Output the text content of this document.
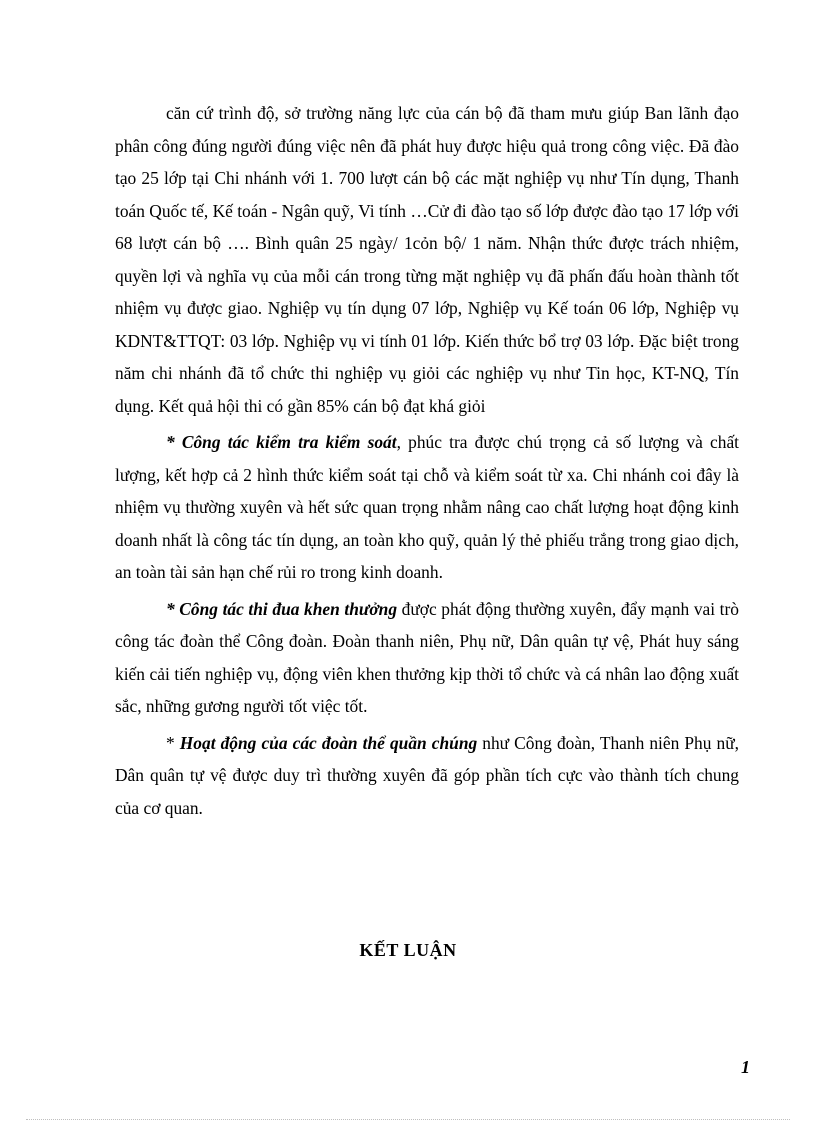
căn cứ trình độ, sở trường năng lực của cán bộ đã tham mưu giúp Ban lãnh đạo phân công đúng người đúng việc nên đã phát huy được hiệu quả trong công việc. Đã đào tạo 25 lớp tại Chi nhánh với 1. 700 lượt cán bộ các mặt nghiệp vụ như Tín dụng, Thanh toán Quốc tế, Kế toán - Ngân quỹ, Vi tính …Cử đi đào tạo số lớp được đào tạo 17 lớp với 68 lượt cán bộ …. Bình quân 25 ngày/ 1cỏn bộ/ 1 năm. Nhận thức được trách nhiệm, quyền lợi và nghĩa vụ của mỗi cán trong từng mặt nghiệp vụ đã phấn đấu hoàn thành tốt nhiệm vụ được giao. Nghiệp vụ tín dụng 07 lớp, Nghiệp vụ Kế toán 06 lớp, Nghiệp vụ KDNT&TTQT: 03 lớp. Nghiệp vụ vi tính 01 lớp. Kiến thức bổ trợ 03 lớp. Đặc biệt trong năm chi nhánh đã tổ chức thi nghiệp vụ giỏi các nghiệp vụ như Tin học, KT-NQ, Tín dụng. Kết quả hội thi có gần 85% cán bộ đạt khá giỏi

* Công tác kiểm tra kiểm soát, phúc tra được chú trọng cả số lượng và chất lượng, kết hợp cả 2 hình thức kiểm soát tại chỗ và kiểm soát từ xa. Chi nhánh coi đây là nhiệm vụ thường xuyên và hết sức quan trọng nhằm nâng cao chất lượng hoạt động kinh doanh nhất là công tác tín dụng, an toàn kho quỹ, quản lý thẻ phiếu trắng trong giao dịch, an toàn tài sản hạn chế rủi ro trong kinh doanh.

* Công tác thi đua khen thưởng được phát động thường xuyên, đẩy mạnh vai trò công tác đoàn thể Công đoàn. Đoàn thanh niên, Phụ nữ, Dân quân tự vệ, Phát huy sáng kiến cải tiến nghiệp vụ, động viên khen thưởng kịp thời tổ chức và cá nhân lao động xuất sắc, những gương người tốt việc tốt.

* Hoạt động của các đoàn thể quần chúng như Công đoàn, Thanh niên Phụ nữ, Dân quân tự vệ được duy trì thường xuyên đã góp phần tích cực vào thành tích chung của cơ quan.

KẾT LUẬN
1
